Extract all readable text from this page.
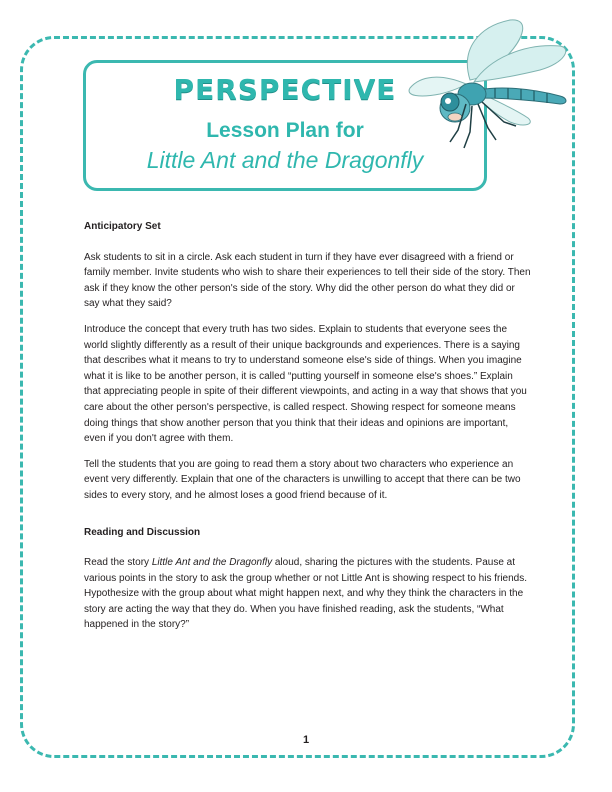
PERSPECTIVE
Lesson Plan for
Little Ant and the Dragonfly
Anticipatory Set

Ask students to sit in a circle. Ask each student in turn if they have ever disagreed with a friend or family member. Invite students who wish to share their experiences to tell their side of the story. Then ask if they know the other person's side of the story. Why did the other person do what they did or say what they said?

Introduce the concept that every truth has two sides. Explain to students that everyone sees the world slightly differently as a result of their unique backgrounds and experiences. There is a saying that describes what it means to try to understand someone else's side of things. When you imagine what it is like to be another person, it is called “putting yourself in someone else's shoes.” Explain that appreciating people in spite of their different viewpoints, and acting in a way that shows that you care about the other person's perspective, is called respect. Showing respect for someone means doing things that show another person that you think that their ideas and opinions are important, even if you don't agree with them.

Tell the students that you are going to read them a story about two characters who experience an event very differently. Explain that one of the characters is unwilling to accept that there can be two sides to every story, and he almost loses a good friend because of it.

Reading and Discussion

Read the story Little Ant and the Dragonfly aloud, sharing the pictures with the students. Pause at various points in the story to ask the group whether or not Little Ant is showing respect to his friends. Hypothesize with the group about what might happen next, and why they think the characters in the story are acting the way that they do. When you have finished reading, ask the students, “What happened in the story?”

1
